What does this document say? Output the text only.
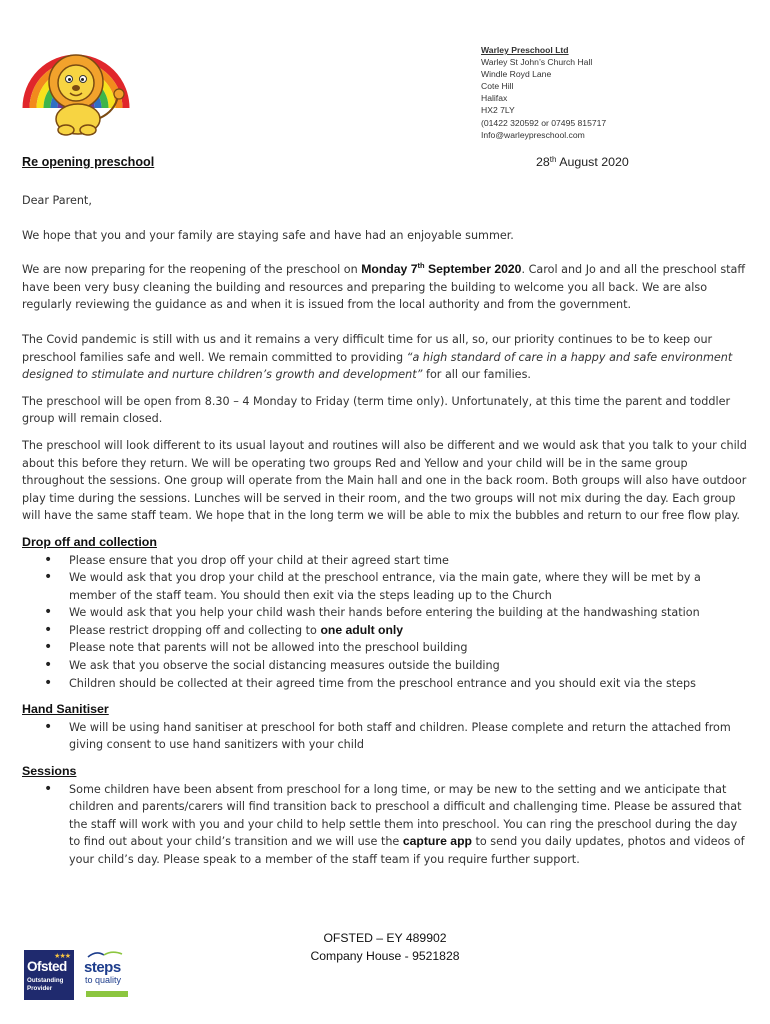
Warley Preschool Ltd
Warley St John’s Church Hall
Windle Royd Lane
Cote Hill
Halifax
HX2 7LY
(01422 320592 or 07495 815717
Info@warleypreschool.com
Re opening preschool	28th August 2020

Dear Parent,

We hope that you and your family are staying safe and have had an enjoyable summer.

We are now preparing for the reopening of the preschool on Monday 7th September 2020. Carol and Jo and all the preschool staff have been very busy cleaning the building and resources and preparing the building to welcome you all back. We are also regularly reviewing the guidance as and when it is issued from the local authority and from the government.

The Covid pandemic is still with us and it remains a very difficult time for us all, so, our priority continues to be to keep our preschool families safe and well. We remain committed to providing “a high standard of care in a happy and safe environment designed to stimulate and nurture children’s growth and development” for all our families.

The preschool will be open from 8.30 – 4 Monday to Friday (term time only). Unfortunately, at this time the parent and toddler group will remain closed.

The preschool will look different to its usual layout and routines will also be different and we would ask that you talk to your child about this before they return. We will be operating two groups Red and Yellow and your child will be in the same group throughout the sessions. One group will operate from the Main hall and one in the back room. Both groups will also have outdoor play time during the sessions. Lunches will be served in their room, and the two groups will not mix during the day. Each group will have the same staff team. We hope that in the long term we will be able to mix the bubbles and return to our free flow play.

Drop off and collection
• Please ensure that you drop off your child at their agreed start time
• We would ask that you drop your child at the preschool entrance, via the main gate, where they will be met by a member of the staff team. You should then exit via the steps leading up to the Church
• We would ask that you help your child wash their hands before entering the building at the handwashing station
• Please restrict dropping off and collecting to one adult only
• Please note that parents will not be allowed into the preschool building
• We ask that you observe the social distancing measures outside the building
• Children should be collected at their agreed time from the preschool entrance and you should exit via the steps
Hand Sanitiser
• We will be using hand sanitiser at preschool for both staff and children. Please complete and return the attached from giving consent to use hand sanitizers with your child
Sessions
• Some children have been absent from preschool for a long time, or may be new to the setting and we anticipate that children and parents/carers will find transition back to preschool a difficult and challenging time. Please be assured that the staff will work with you and your child to help settle them into preschool. You can ring the preschool during the day to find out about your child’s transition and we will use the capture app to send you daily updates, photos and videos of your child’s day. Please speak to a member of the staff team if you require further support.
OFSTED – EY 489902
Company House - 9521828
★★★
Ofsted
Outstanding
Provider
steps
to quality
